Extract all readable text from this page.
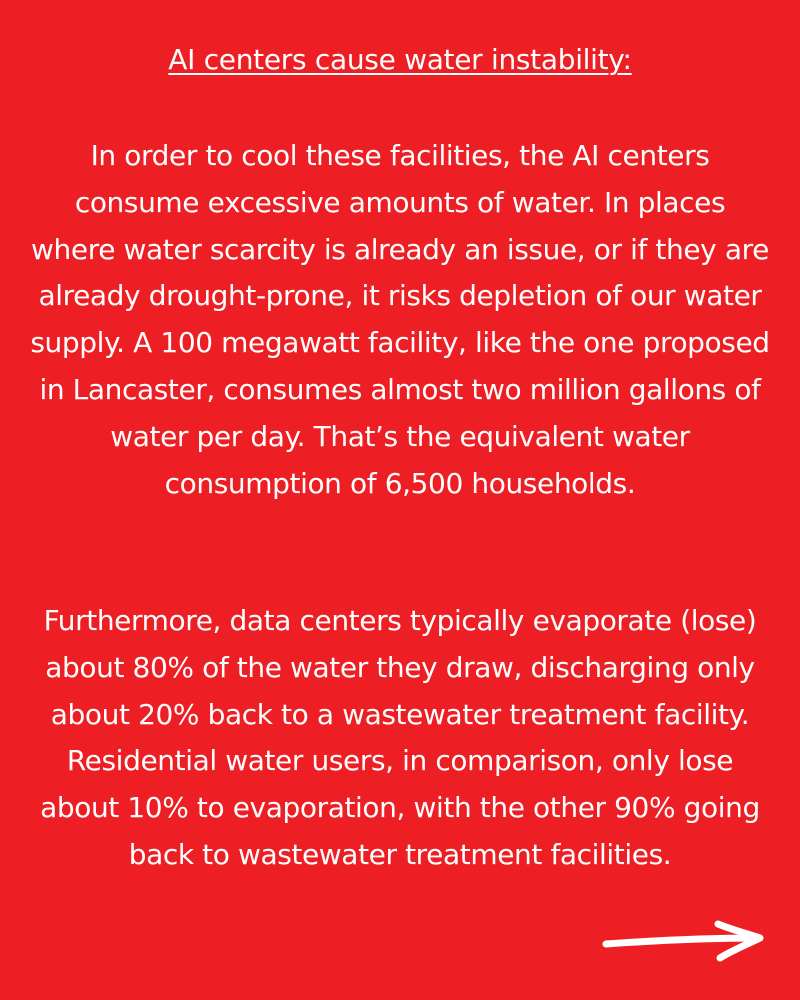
AI centers cause water instability:

In order to cool these facilities, the AI centers consume excessive amounts of water. In places where water scarcity is already an issue, or if they are already drought-prone, it risks depletion of our water supply. A 100 megawatt facility, like the one proposed in Lancaster, consumes almost two million gallons of water per day. That’s the equivalent water consumption of 6,500 households.

Furthermore, data centers typically evaporate (lose) about 80% of the water they draw, discharging only about 20% back to a wastewater treatment facility. Residential water users, in comparison, only lose about 10% to evaporation, with the other 90% going back to wastewater treatment facilities.
